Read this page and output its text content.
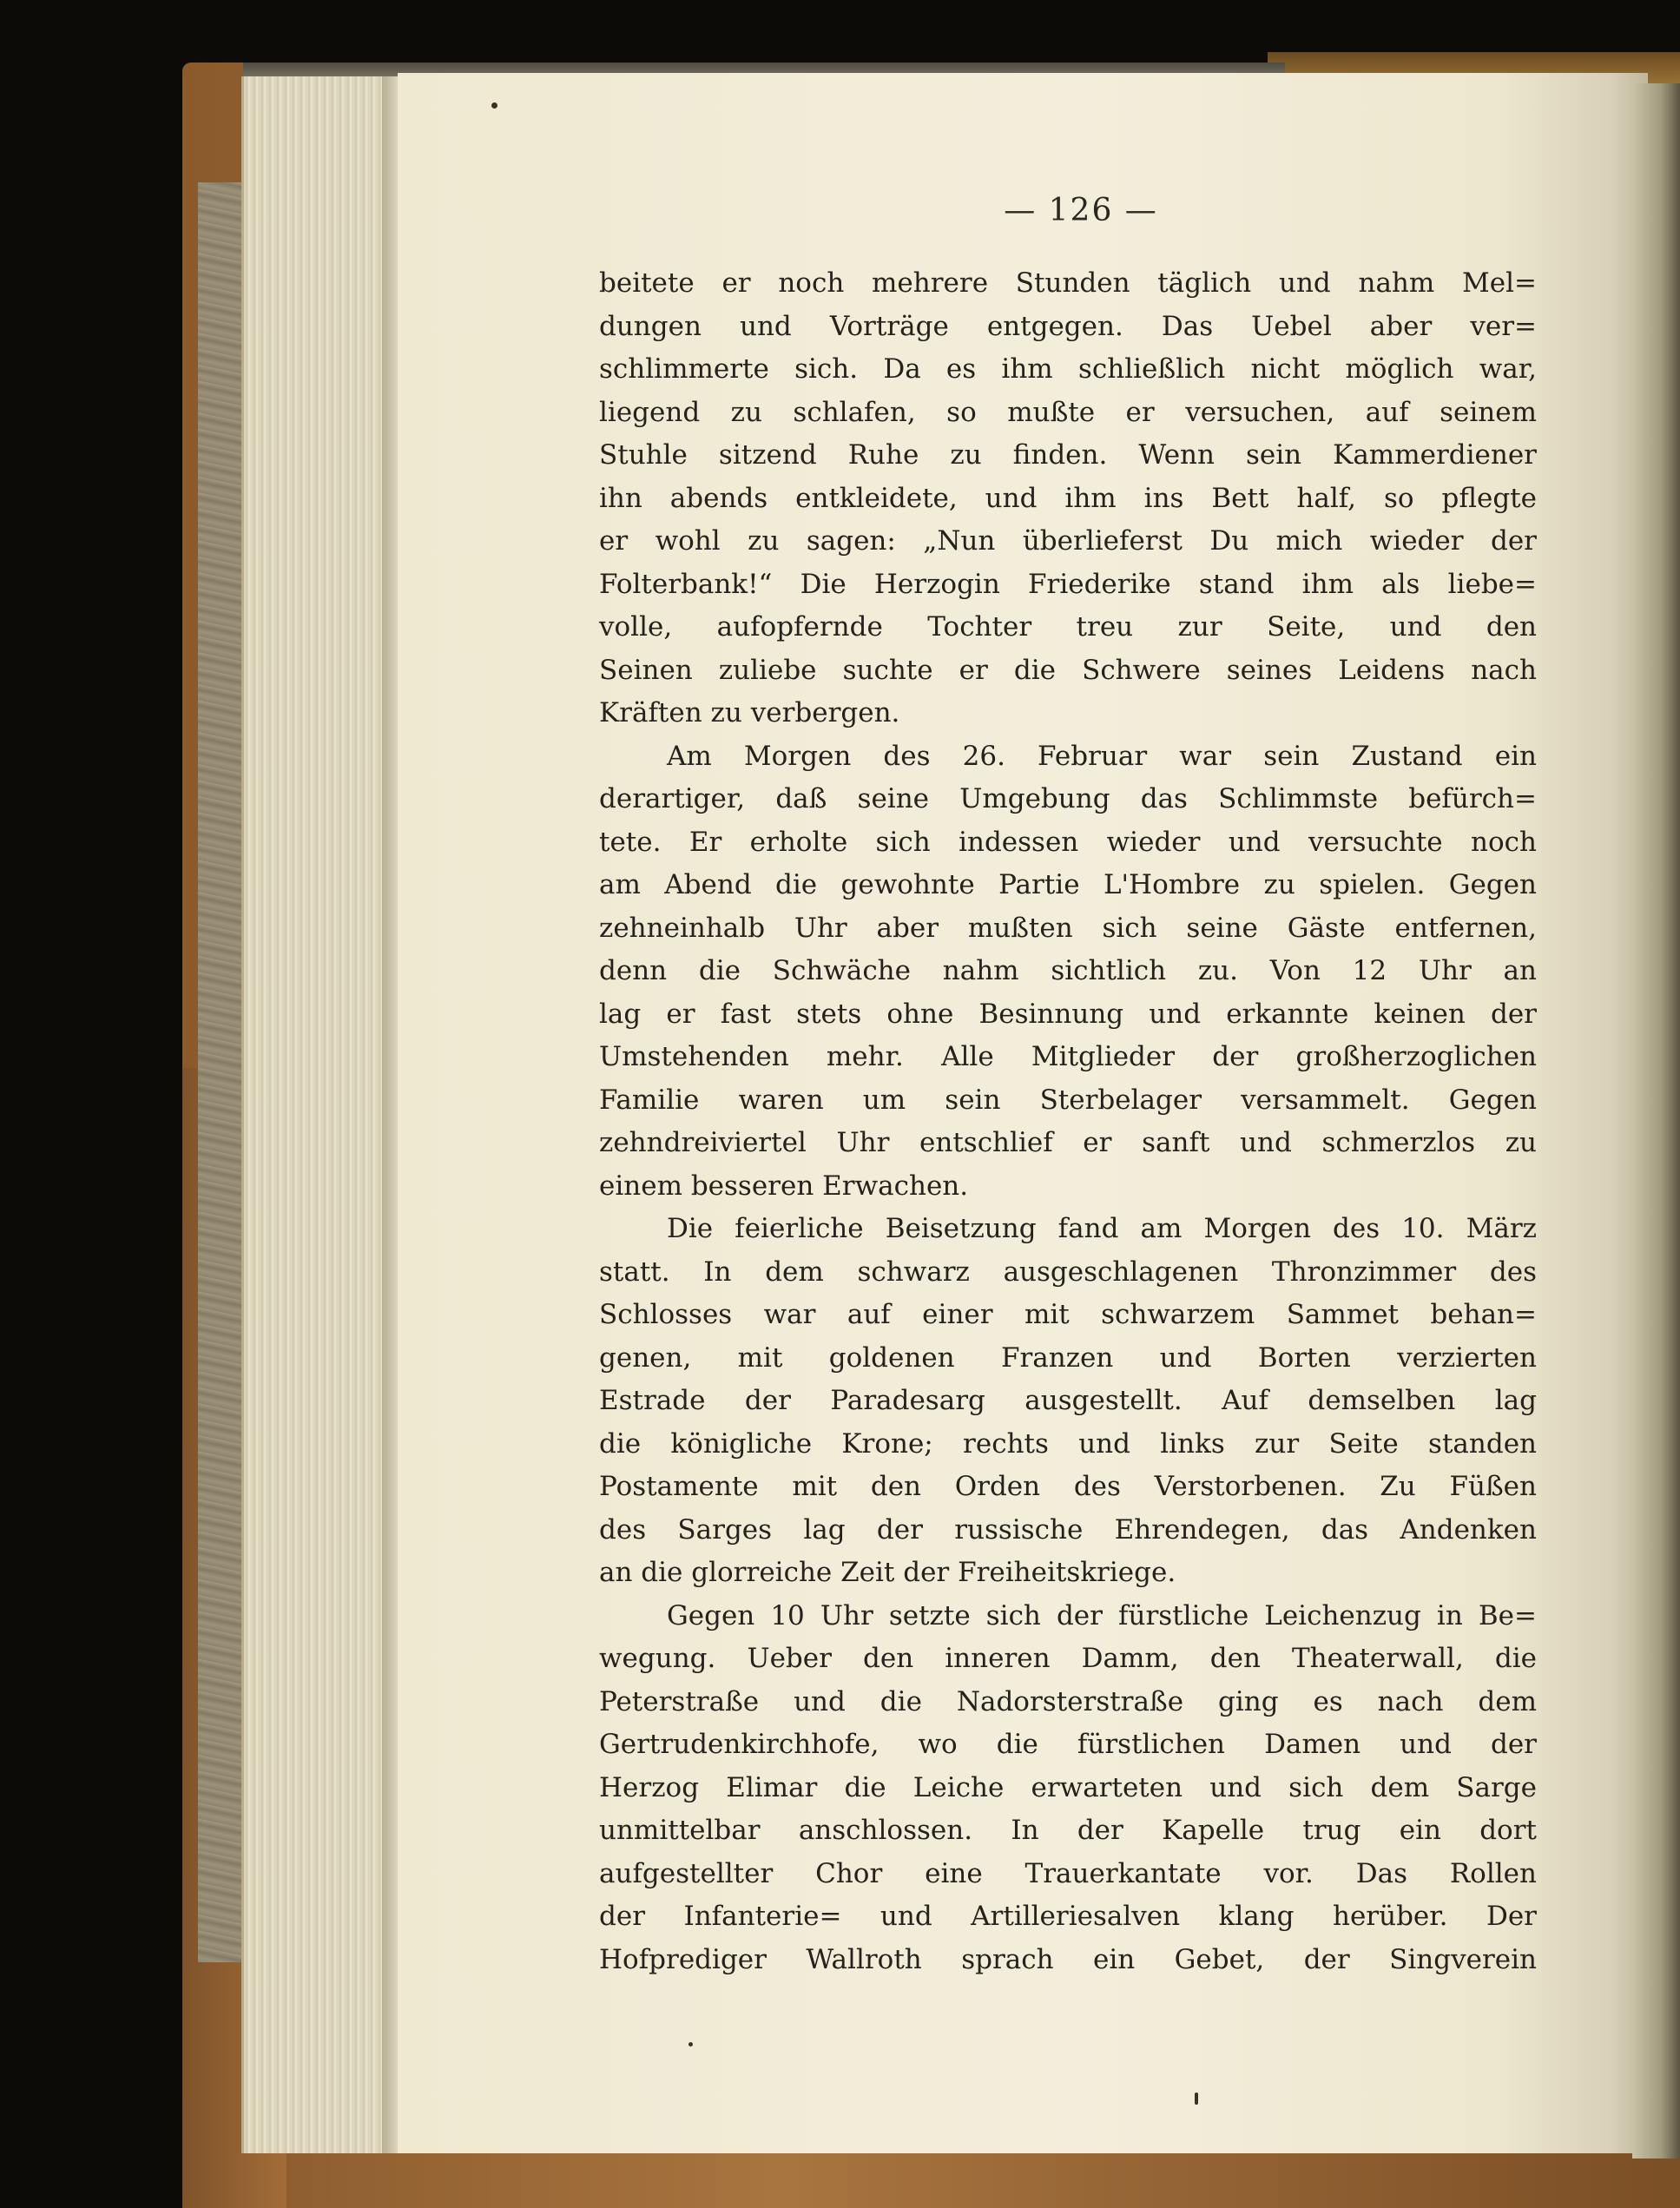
— 126 —
beitete er noch mehrere Stunden täglich und nahm Mel=
dungen und Vorträge entgegen. Das Uebel aber ver=
schlimmerte sich. Da es ihm schließlich nicht möglich war,
liegend zu schlafen, so mußte er versuchen, auf seinem
Stuhle sitzend Ruhe zu finden. Wenn sein Kammerdiener
ihn abends entkleidete, und ihm ins Bett half, so pflegte
er wohl zu sagen: „Nun überlieferst Du mich wieder der
Folterbank!“ Die Herzogin Friederike stand ihm als liebe=
volle, aufopfernde Tochter treu zur Seite, und den
Seinen zuliebe suchte er die Schwere seines Leidens nach
Kräften zu verbergen.
Am Morgen des 26. Februar war sein Zustand ein
derartiger, daß seine Umgebung das Schlimmste befürch=
tete. Er erholte sich indessen wieder und versuchte noch
am Abend die gewohnte Partie L'Hombre zu spielen. Gegen
zehneinhalb Uhr aber mußten sich seine Gäste entfernen,
denn die Schwäche nahm sichtlich zu. Von 12 Uhr an
lag er fast stets ohne Besinnung und erkannte keinen der
Umstehenden mehr. Alle Mitglieder der großherzoglichen
Familie waren um sein Sterbelager versammelt. Gegen
zehndreiviertel Uhr entschlief er sanft und schmerzlos zu
einem besseren Erwachen.
Die feierliche Beisetzung fand am Morgen des 10. März
statt. In dem schwarz ausgeschlagenen Thronzimmer des
Schlosses war auf einer mit schwarzem Sammet behan=
genen, mit goldenen Franzen und Borten verzierten
Estrade der Paradesarg ausgestellt. Auf demselben lag
die königliche Krone; rechts und links zur Seite standen
Postamente mit den Orden des Verstorbenen. Zu Füßen
des Sarges lag der russische Ehrendegen, das Andenken
an die glorreiche Zeit der Freiheitskriege.
Gegen 10 Uhr setzte sich der fürstliche Leichenzug in Be=
wegung. Ueber den inneren Damm, den Theaterwall, die
Peterstraße und die Nadorsterstraße ging es nach dem
Gertrudenkirchhofe, wo die fürstlichen Damen und der
Herzog Elimar die Leiche erwarteten und sich dem Sarge
unmittelbar anschlossen. In der Kapelle trug ein dort
aufgestellter Chor eine Trauerkantate vor. Das Rollen
der Infanterie= und Artilleriesalven klang herüber. Der
Hofprediger Wallroth sprach ein Gebet, der Singverein
